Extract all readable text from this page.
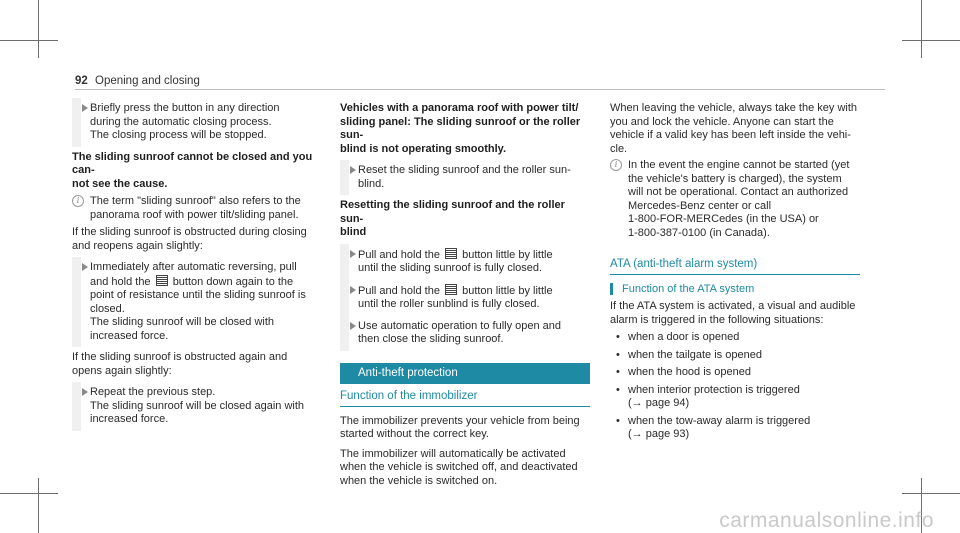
92 Opening and closing

Briefly press the button in any direction

during the automatic closing process.

The closing process will be stopped.

The sliding sunroof cannot be closed and you can-
not see the cause.
i The term "sliding sunroof" also refers to the
panorama roof with power tilt/sliding panel.
If the sliding sunroof is obstructed during closing
and reopens again slightly:

Immediately after automatic reversing, pull

and hold the button down again to the

point of resistance until the sliding sunroof is

closed.

The sliding sunroof will be closed with

increased force.

If the sliding sunroof is obstructed again and
opens again slightly:

Repeat the previous step.

The sliding sunroof will be closed again with

increased force.

Vehicles with a panorama roof with power tilt/
sliding panel: The sliding sunroof or the roller sun-
blind is not operating smoothly.

Reset the sliding sunroof and the roller sun-

blind.

Resetting the sliding sunroof and the roller sun-
blind

Pull and hold the button little by little

until the sliding sunroof is fully closed.

Pull and hold the button little by little

until the roller sunblind is fully closed.

Use automatic operation to fully open and

then close the sliding sunroof.

Anti-theft protection
Function of the immobilizer
The immobilizer prevents your vehicle from being
started without the correct key.
The immobilizer will automatically be activated
when the vehicle is switched off, and deactivated
when the vehicle is switched on.
When leaving the vehicle, always take the key with
you and lock the vehicle. Anyone can start the
vehicle if a valid key has been left inside the vehi-
cle.
i In the event the engine cannot be started (yet
the vehicle's battery is charged), the system
will not be operational. Contact an authorized
Mercedes-Benz center or call
1-800-FOR-MERCedes (in the USA) or
1-800-387-0100 (in Canada).
ATA (anti-theft alarm system)
Function of the ATA system
If the ATA system is activated, a visual and audible
alarm is triggered in the following situations:
• when a door is opened
• when the tailgate is opened
• when the hood is opened
• when interior protection is triggered
(→ page 94)
• when the tow-away alarm is triggered
(→ page 93)
carmanualsonline.info
